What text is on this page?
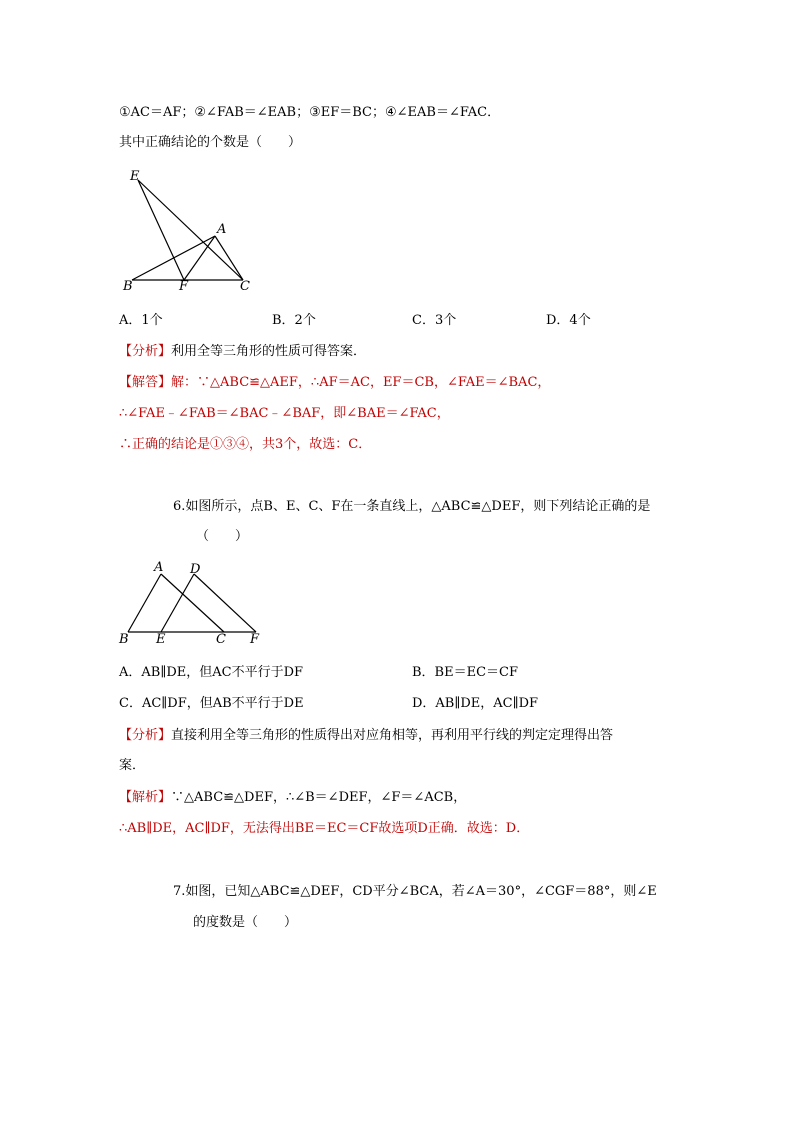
①AC＝AF；②∠FAB＝∠EAB；③EF＝BC；④∠EAB＝∠FAC．
其中正确结论的个数是（　　）
E
A
B	F	C
A．1个	B．2个	C．3个	D．4个
【分析】利用全等三角形的性质可得答案．
【解答】解：∵△ABC≌△AEF，∴AF＝AC，EF＝CB，∠FAE＝∠BAC，
∴∠FAE﹣∠FAB＝∠BAC﹣∠BAF，即∠BAE＝∠FAC，
∴正确的结论是①③④，共3个，故选：C．
6.如图所示，点B、E、C、F在一条直线上，△ABC≌△DEF，则下列结论正确的是
（　　）
A D
B E	C F
A．AB∥DE，但AC不平行于DF	B．BE＝EC＝CF
C．AC∥DF，但AB不平行于DE	D．AB∥DE，AC∥DF
【分析】直接利用全等三角形的性质得出对应角相等，再利用平行线的判定定理得出答
案．
【解析】∵△ABC≌△DEF，∴∠B＝∠DEF，∠F＝∠ACB，
∴AB∥DE，AC∥DF，无法得出BE＝EC＝CF故选项D正确．故选：D．
7.如图，已知△ABC≌△DEF，CD平分∠BCA，若∠A＝30°，∠CGF＝88°，则∠E
的度数是（　　）
